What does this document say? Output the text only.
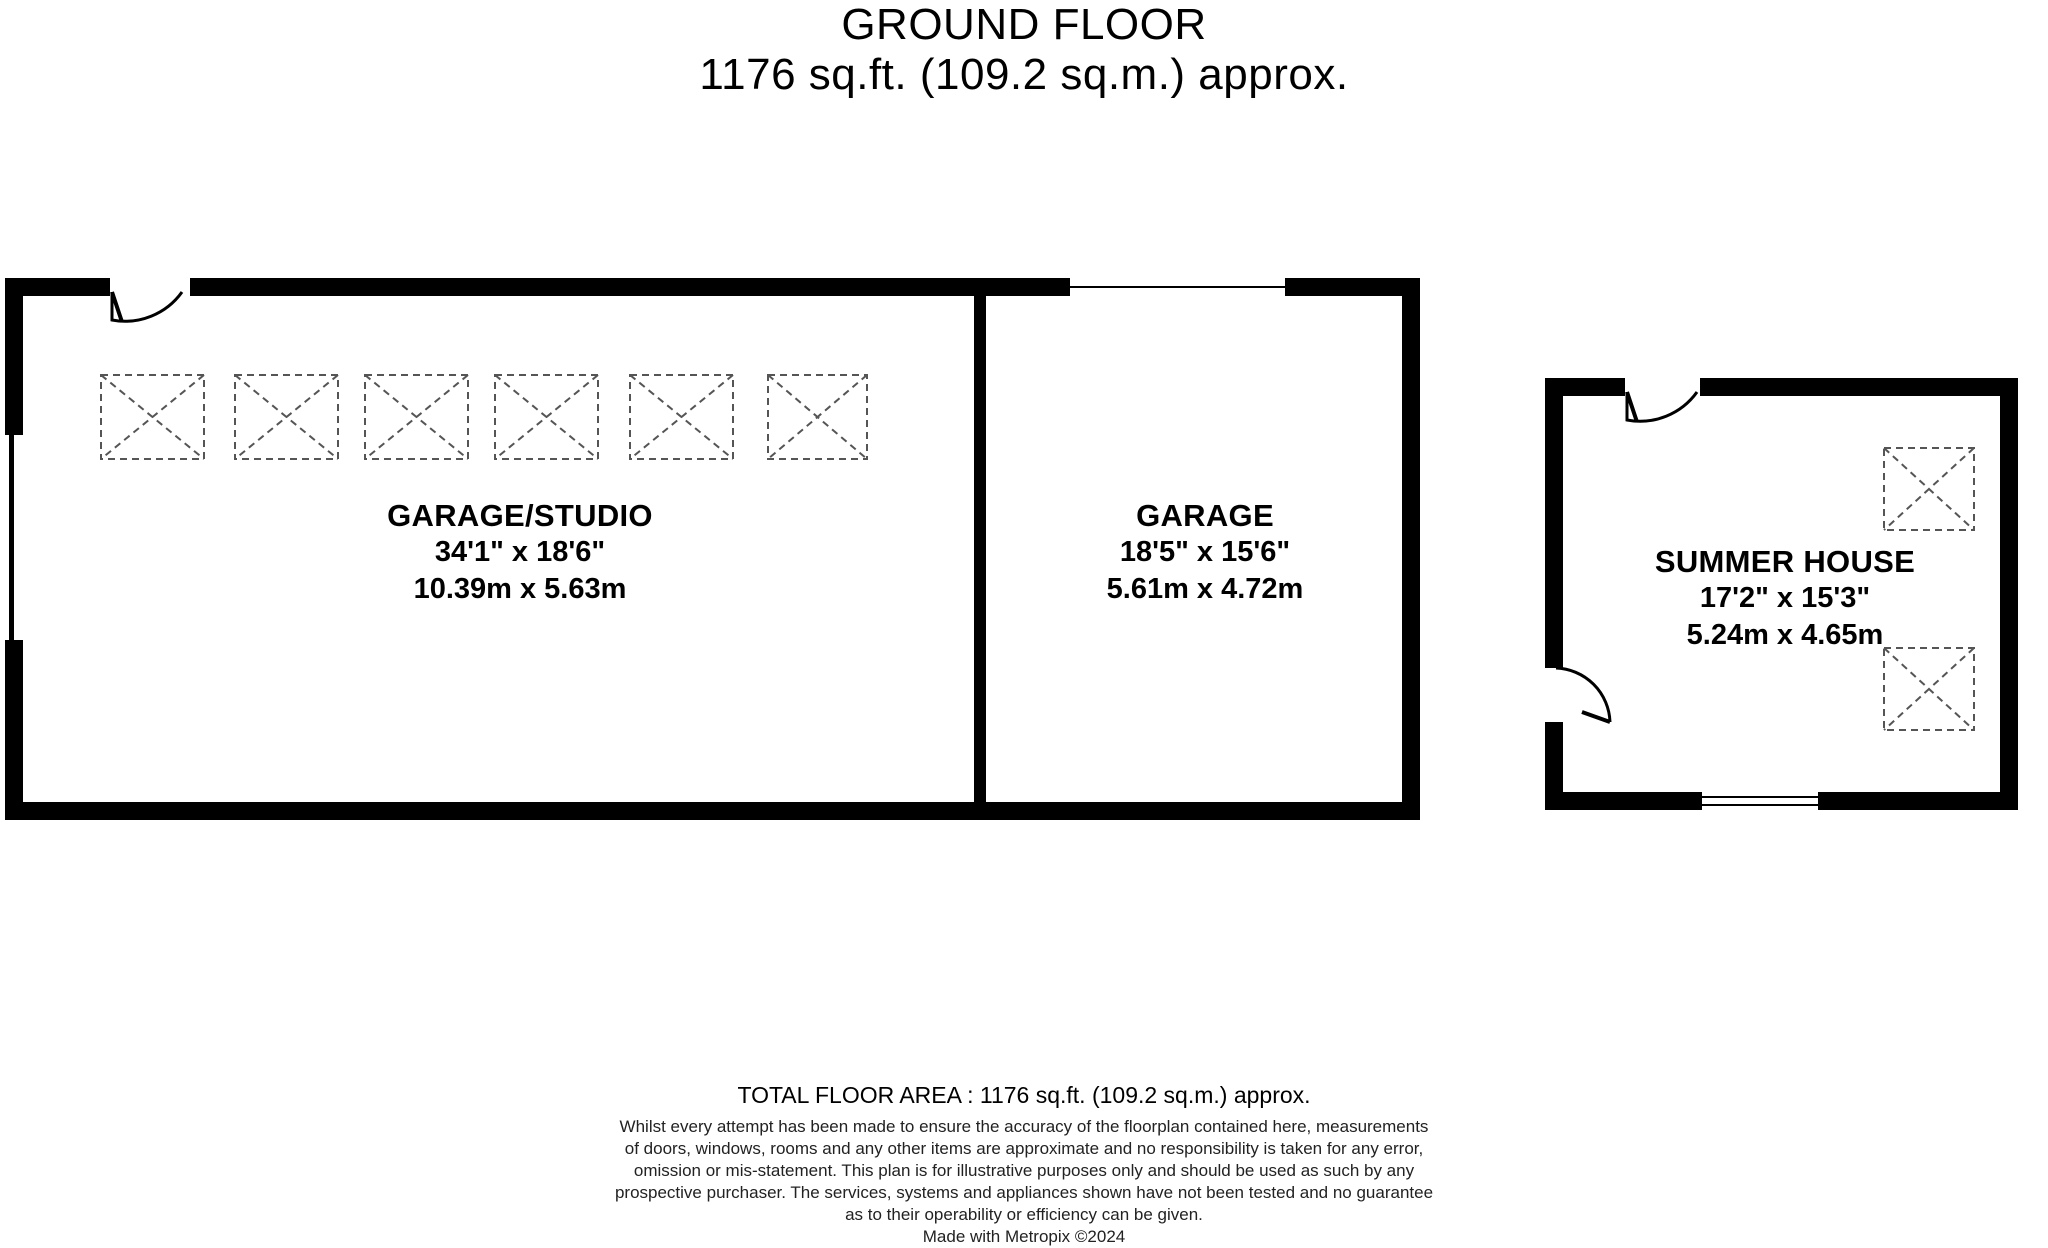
GROUND FLOOR
1176 sq.ft. (109.2 sq.m.) approx.
GARAGE/STUDIO
34'1" x 18'6"
10.39m x 5.63m
GARAGE
18'5" x 15'6"
5.61m x 4.72m
SUMMER HOUSE
17'2" x 15'3"
5.24m x 4.65m
TOTAL FLOOR AREA : 1176 sq.ft. (109.2 sq.m.) approx.
Whilst every attempt has been made to ensure the accuracy of the floorplan contained here, measurements
of doors, windows, rooms and any other items are approximate and no responsibility is taken for any error,
omission or mis-statement. This plan is for illustrative purposes only and should be used as such by any
prospective purchaser. The services, systems and appliances shown have not been tested and no guarantee
as to their operability or efficiency can be given.
Made with Metropix ©2024
